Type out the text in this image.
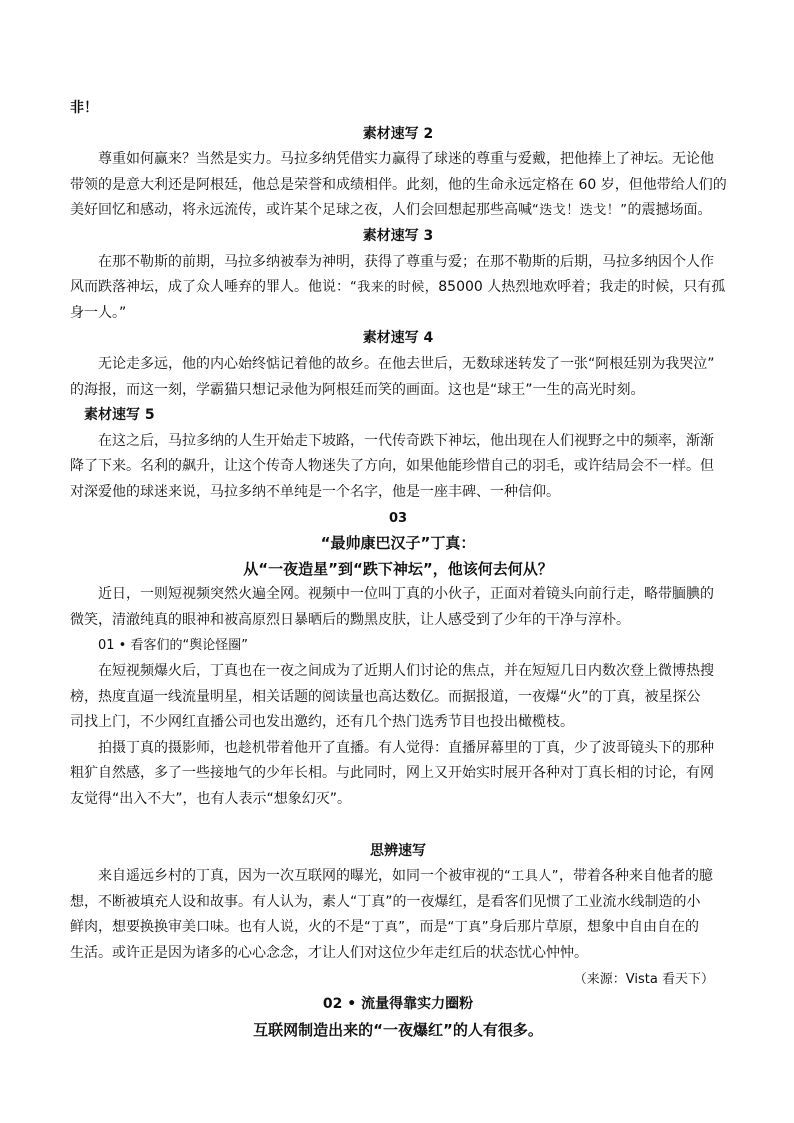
非！
素材速写 2
尊重如何赢来？当然是实力。马拉多纳凭借实力赢得了球迷的尊重与爱戴，把他捧上了神坛。无论他
带领的是意大利还是阿根廷，他总是荣誉和成绩相伴。此刻，他的生命永远定格在 60 岁，但他带给人们的
美好回忆和感动，将永远流传，或许某个足球之夜，人们会回想起那些高喊“迭戈！迭戈！”的震撼场面。
素材速写 3
在那不勒斯的前期，马拉多纳被奉为神明，获得了尊重与爱；在那不勒斯的后期，马拉多纳因个人作
风而跌落神坛，成了众人唾弃的罪人。他说：“我来的时候，85000 人热烈地欢呼着；我走的时候，只有孤
身一人。”
素材速写 4
无论走多远，他的内心始终惦记着他的故乡。在他去世后，无数球迷转发了一张“阿根廷别为我哭泣”
的海报，而这一刻，学霸猫只想记录他为阿根廷而笑的画面。这也是“球王”一生的高光时刻。
素材速写 5
在这之后，马拉多纳的人生开始走下坡路，一代传奇跌下神坛，他出现在人们视野之中的频率，渐渐
降了下来。名利的飙升，让这个传奇人物迷失了方向，如果他能珍惜自己的羽毛，或许结局会不一样。但
对深爱他的球迷来说，马拉多纳不单纯是一个名字，他是一座丰碑、一种信仰。
03
“最帅康巴汉子”丁真：
从“一夜造星”到“跌下神坛”，他该何去何从？
近日，一则短视频突然火遍全网。视频中一位叫丁真的小伙子，正面对着镜头向前行走，略带腼腆的
微笑，清澈纯真的眼神和被高原烈日暴晒后的黝黑皮肤，让人感受到了少年的干净与淳朴。
01 • 看客们的“舆论怪圈”
在短视频爆火后，丁真也在一夜之间成为了近期人们讨论的焦点，并在短短几日内数次登上微博热搜
榜，热度直逼一线流量明星，相关话题的阅读量也高达数亿。而据报道，一夜爆“火”的丁真，被星探公
司找上门，不少网红直播公司也发出邀约，还有几个热门选秀节目也投出橄榄枝。
拍摄丁真的摄影师，也趁机带着他开了直播。有人觉得：直播屏幕里的丁真，少了波哥镜头下的那种
粗犷自然感，多了一些接地气的少年长相。与此同时，网上又开始实时展开各种对丁真长相的讨论，有网
友觉得“出入不大”，也有人表示“想象幻灭”。
思辨速写
来自遥远乡村的丁真，因为一次互联网的曝光，如同一个被审视的“工具人”，带着各种来自他者的臆
想，不断被填充人设和故事。有人认为，素人“丁真”的一夜爆红，是看客们见惯了工业流水线制造的小
鲜肉，想要换换审美口味。也有人说，火的不是“丁真”，而是“丁真”身后那片草原，想象中自由自在的
生活。或许正是因为诸多的心心念念，才让人们对这位少年走红后的状态忧心忡忡。
（来源：Vista 看天下）
02 • 流量得靠实力圈粉
互联网制造出来的“一夜爆红”的人有很多。
